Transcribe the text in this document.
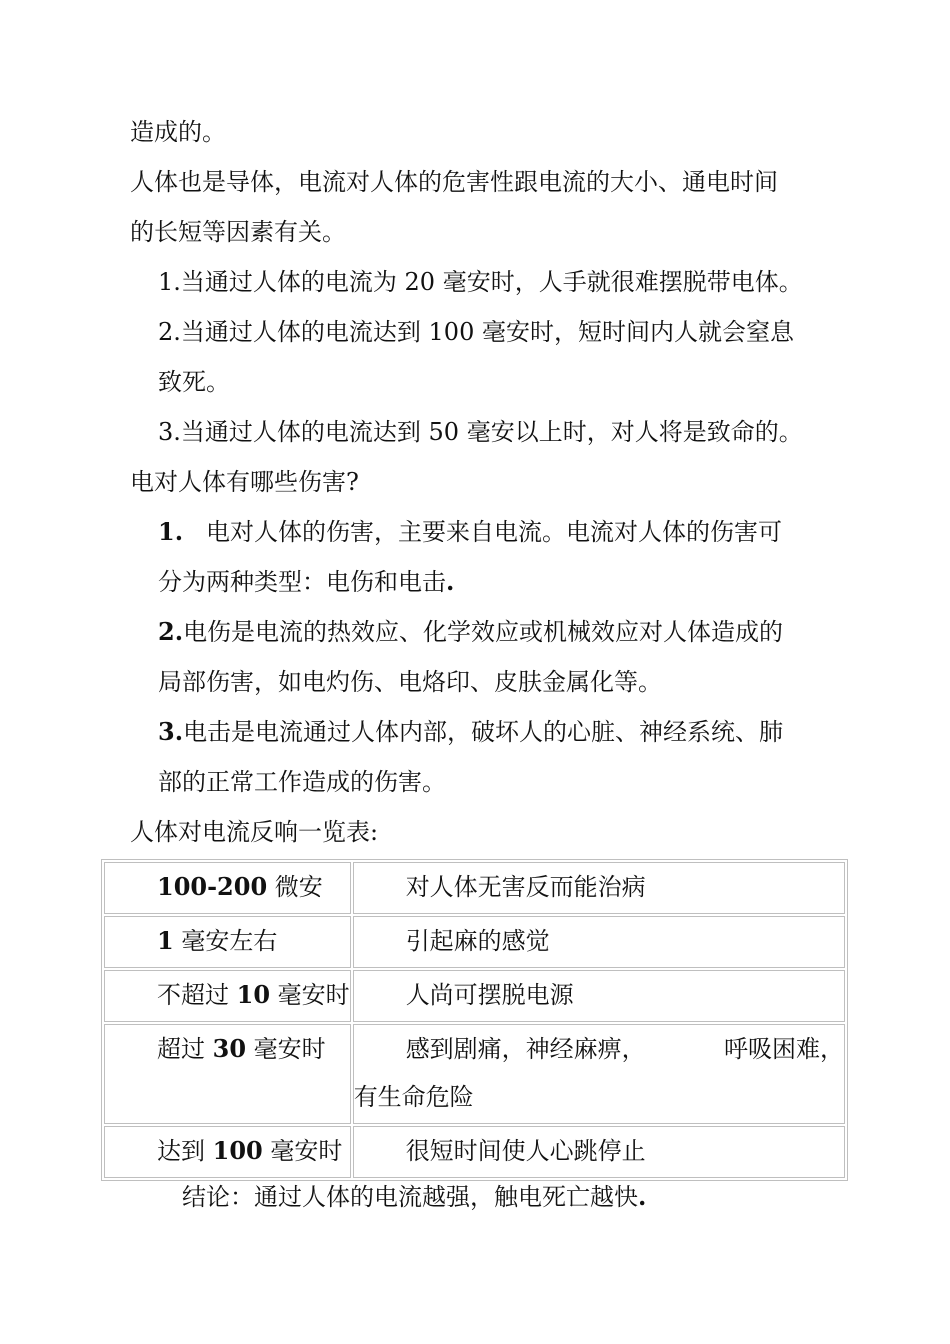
造成的。
人体也是导体，电流对人体的危害性跟电流的大小、通电时间
的长短等因素有关。
1.当通过人体的电流为 20 毫安时，人手就很难摆脱带电体。
2.当通过人体的电流达到 100 毫安时，短时间内人就会窒息
致死。
3.当通过人体的电流达到 50 毫安以上时，对人将是致命的。
电对人体有哪些伤害?
1.   电对人体的伤害，主要来自电流。电流对人体的伤害可
分为两种类型：电伤和电击.
2.电伤是电流的热效应、化学效应或机械效应对人体造成的
局部伤害，如电灼伤、电烙印、皮肤金属化等。
3.电击是电流通过人体内部，破坏人的心脏、神经系统、肺
部的正常工作造成的伤害。
人体对电流反响一览表:
100-200 微安	对人体无害反而能治病
1 毫安左右	引起麻的感觉
不超过 10 毫安时	人尚可摆脱电源
超过 30 毫安时	感到剧痛，神经麻痹， 呼吸困难，
有生命危险

达到 100 毫安时	很短时间使人心跳停止
结论：通过人体的电流越强，触电死亡越快.
